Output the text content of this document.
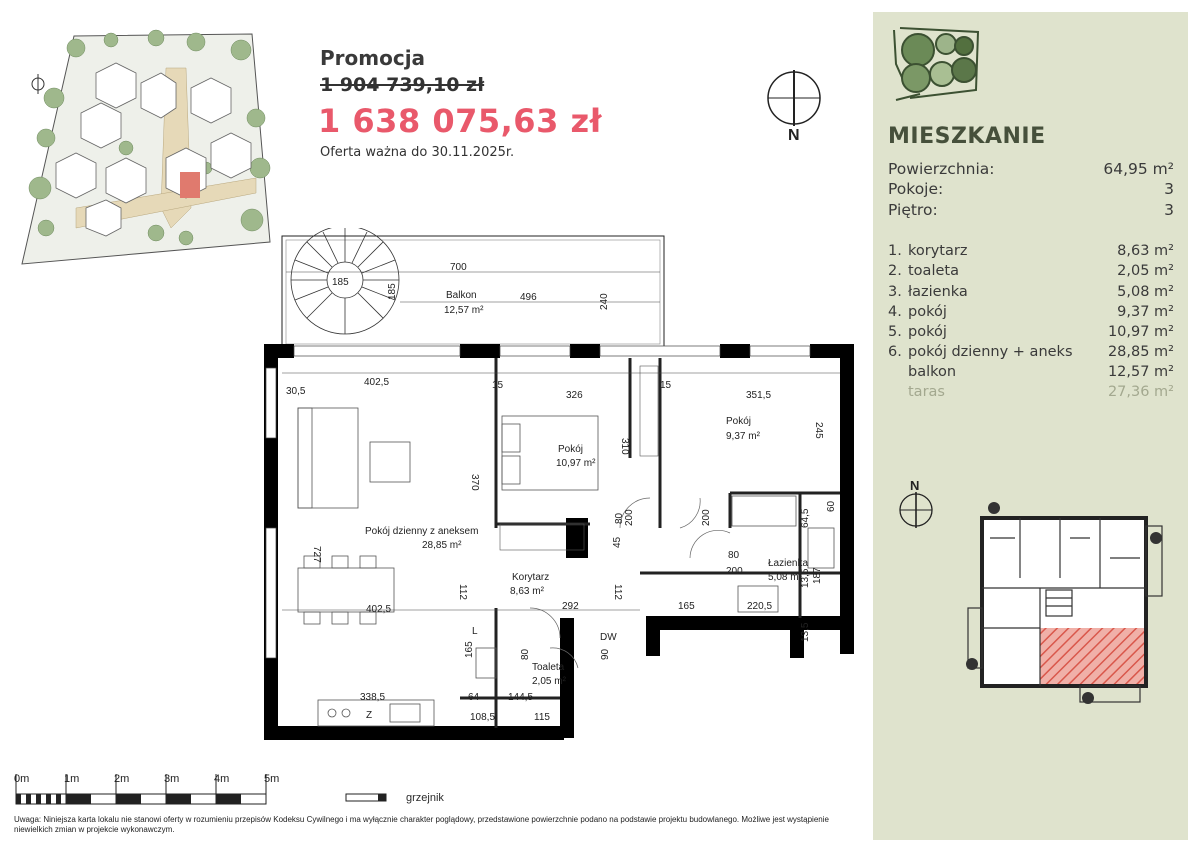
Promocja
1 904 739,10 zł
1 638 075,63 zł
Oferta ważna do 30.11.2025r.
N
700
496
185
185
240
402,5
326	351,5
30,5
15	15
370
310
245
727
402,5	292	165	220,5
112	112
200	200
200
80
80
80	90
45
64,5
13,5
13,5
187
338,5	64	144,5
108,5	115
165
60
DW
Z
L
Balkon
12,57 m²
Pokój
10,97 m²
Pokój
9,37 m²
Pokój dzienny z aneksem
28,85 m²
Korytarz
8,63 m²
Łazienka
5,08 m²
Toaleta
2,05 m²
0m	1m	2m	3m	4m	5m
grzejnik
Uwaga: Niniejsza karta lokalu nie stanowi oferty w rozumieniu przepisów Kodeksu Cywilnego i ma wyłącznie charakter poglądowy, przedstawione powierzchnie podano na podstawie projektu budowlanego. Możliwe jest wystąpienie niewielkich zmian w projekcie wykonawczym.
MIESZKANIE
Powierzchnia:	64,95 m²
Pokoje:	3
Piętro:	3
1. korytarz	8,63 m²
2. toaleta	2,05 m²
3. łazienka	5,08 m²
4. pokój	9,37 m²
5. pokój	10,97 m²
6. pokój dzienny + aneks 28,85 m²
balkon	12,57 m²
taras	27,36 m²
N
